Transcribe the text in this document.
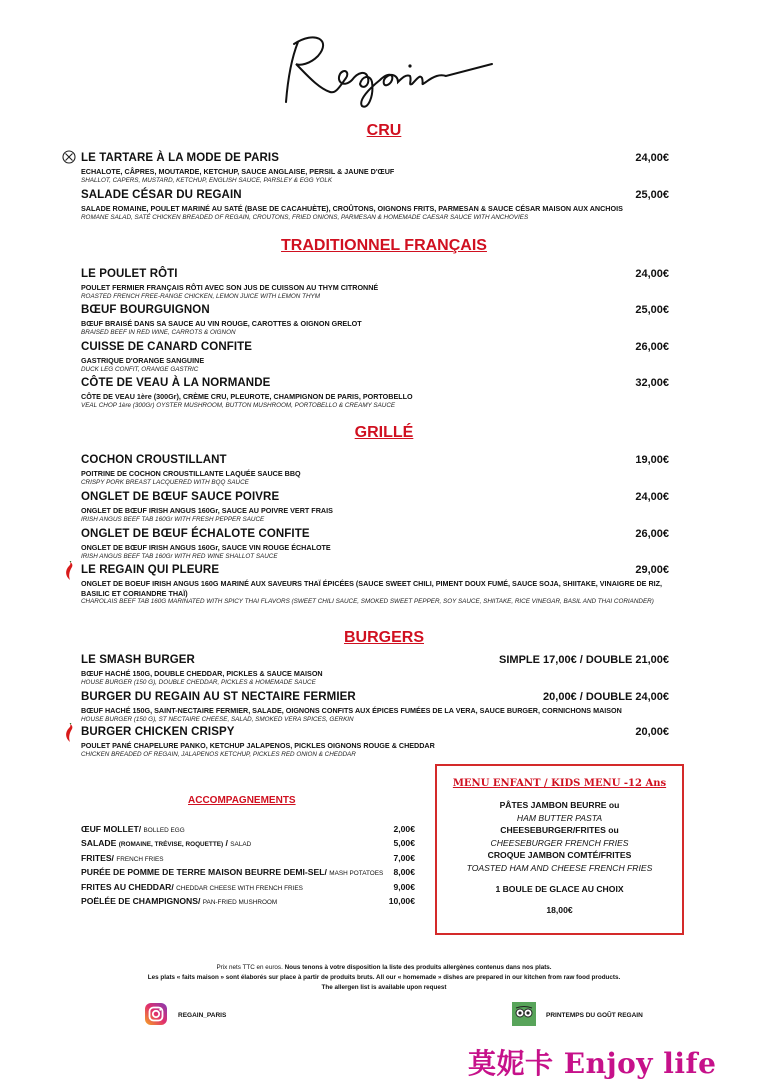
CRU
LE TARTARE À LA MODE DE PARIS	24,00€
ECHALOTE, CÂPRES, MOUTARDE, KETCHUP, SAUCE ANGLAISE, PERSIL & JAUNE D'ŒUF
SHALLOT, CAPERS, MUSTARD, KETCHUP, ENGLISH SAUCE, PARSLEY & EGG YOLK
SALADE CÉSAR DU REGAIN	25,00€
SALADE ROMAINE, POULET MARINÉ AU SATÉ (BASE DE CACAHUÈTE), CROÛTONS, OIGNONS FRITS, PARMESAN & SAUCE CÉSAR MAISON AUX ANCHOIS
ROMANE SALAD, SATÉ CHICKEN BREADED OF REGAIN, CROUTONS, FRIED ONIONS, PARMESAN & HOMEMADE CAESAR SAUCE WITH ANCHOVIES
TRADITIONNEL FRANÇAIS
LE POULET RÔTI	24,00€
POULET FERMIER FRANÇAIS RÔTI AVEC SON JUS DE CUISSON AU THYM CITRONNÉ
ROASTED FRENCH FREE-RANGE CHICKEN, LEMON JUICE WITH LEMON THYM
BŒUF BOURGUIGNON	25,00€
BŒUF BRAISÉ DANS SA SAUCE AU VIN ROUGE, CAROTTES & OIGNON GRELOT
BRAISED BEEF IN RED WINE, CARROTS & OIGNON
CUISSE DE CANARD CONFITE	26,00€
GASTRIQUE D'ORANGE SANGUINE
DUCK LEG CONFIT, ORANGE GASTRIC
CÔTE DE VEAU À LA NORMANDE	32,00€
CÔTE DE VEAU 1ère (300Gr), CRÈME CRU, PLEUROTE, CHAMPIGNON DE PARIS, PORTOBELLO
VEAL CHOP 1ère (300Gr) OYSTER MUSHROOM, BUTTON MUSHROOM, PORTOBELLO & CREAMY SAUCE
GRILLÉ
COCHON CROUSTILLANT	19,00€
POITRINE DE COCHON CROUSTILLANTE LAQUÉE SAUCE BBQ
CRISPY PORK BREAST LACQUERED WITH BQQ SAUCE
ONGLET DE BŒUF SAUCE POIVRE	24,00€
ONGLET DE BŒUF IRISH ANGUS 160Gr, SAUCE AU POIVRE VERT FRAIS
IRISH ANGUS BEEF TAB 160Gr WITH FRESH PEPPER SAUCE
ONGLET DE BŒUF ÉCHALOTE CONFITE	26,00€
ONGLET DE BŒUF IRISH ANGUS 160Gr, SAUCE VIN ROUGE ÉCHALOTE
IRISH ANGUS BEEF TAB 160Gr WITH RED WINE SHALLOT SAUCE
LE REGAIN QUI PLEURE	29,00€
ONGLET DE BOEUF IRISH ANGUS 160G MARINÉ AUX SAVEURS THAÏ ÉPICÉES (SAUCE SWEET CHILI, PIMENT DOUX FUMÉ, SAUCE SOJA, SHIITAKE, VINAIGRE DE RIZ, BASILIC ET CORIANDRE THAÏ)
CHAROLAIS BEEF TAB 160G MARINATED WITH SPICY THAI FLAVORS (SWEET CHILI SAUCE, SMOKED SWEET PEPPER, SOY SAUCE, SHIITAKE, RICE VINEGAR, BASIL AND THAI CORIANDER)
BURGERS
LE SMASH BURGER	SIMPLE 17,00€ / DOUBLE 21,00€
BŒUF HACHÉ 150G, DOUBLE CHEDDAR, PICKLES & SAUCE MAISON
HOUSE BURGER (150 G), DOUBLE CHEDDAR, PICKLES & HOMEMADE SAUCE
BURGER DU REGAIN AU ST NECTAIRE FERMIER	20,00€ / DOUBLE 24,00€
BŒUF HACHÉ 150G, SAINT-NECTAIRE FERMIER, SALADE, OIGNONS CONFITS AUX ÉPICES FUMÉES DE LA VERA, SAUCE BURGER, CORNICHONS MAISON
HOUSE BURGER (150 G), ST NECTAIRE CHEESE, SALAD, SMOKED VERA SPICES, GERKIN
BURGER CHICKEN CRISPY	20,00€
POULET PANÉ CHAPELURE PANKO, KETCHUP JALAPENOS, PICKLES OIGNONS ROUGE & CHEDDAR
CHICKEN BREADED OF REGAIN, JALAPENOS KETCHUP, PICKLES RED ONION & CHEDDAR
ACCOMPAGNEMENTS
ŒUF MOLLET/ BOLLED EGG	2,00€
SALADE (ROMAINE, TRÉVISE, ROQUETTE) / SALAD	5,00€
FRITES/ FRENCH FRIES	7,00€
PURÉE DE POMME DE TERRE MAISON BEURRE DEMI-SEL/ MASH POTATOES 8,00€
FRITES AU CHEDDAR/ CHEDDAR CHEESE WITH FRENCH FRIES	9,00€
POËLÉE DE CHAMPIGNONS/ PAN-FRIED MUSHROOM	10,00€
MENU ENFANT / KIDS MENU -12 Ans
PÂTES JAMBON BEURRE ou
HAM BUTTER PASTA
CHEESEBURGER/FRITES ou
CHEESEBURGER FRENCH FRIES
CROQUE JAMBON COMTÉ/FRITES
TOASTED HAM AND CHEESE FRENCH FRIES
1 BOULE DE GLACE AU CHOIX
18,00€
Prix nets TTC en euros. Nous tenons à votre disposition la liste des produits allergènes contenus dans nos plats.
Les plats « faits maison » sont élaborés sur place à partir de produits bruts. All our « homemade » dishes are prepared in our kitchen from raw food products.
The allergen list is available upon request
REGAIN_PARIS	PRINTEMPS DU GOÛT REGAIN
莫妮卡 Enjoy life
